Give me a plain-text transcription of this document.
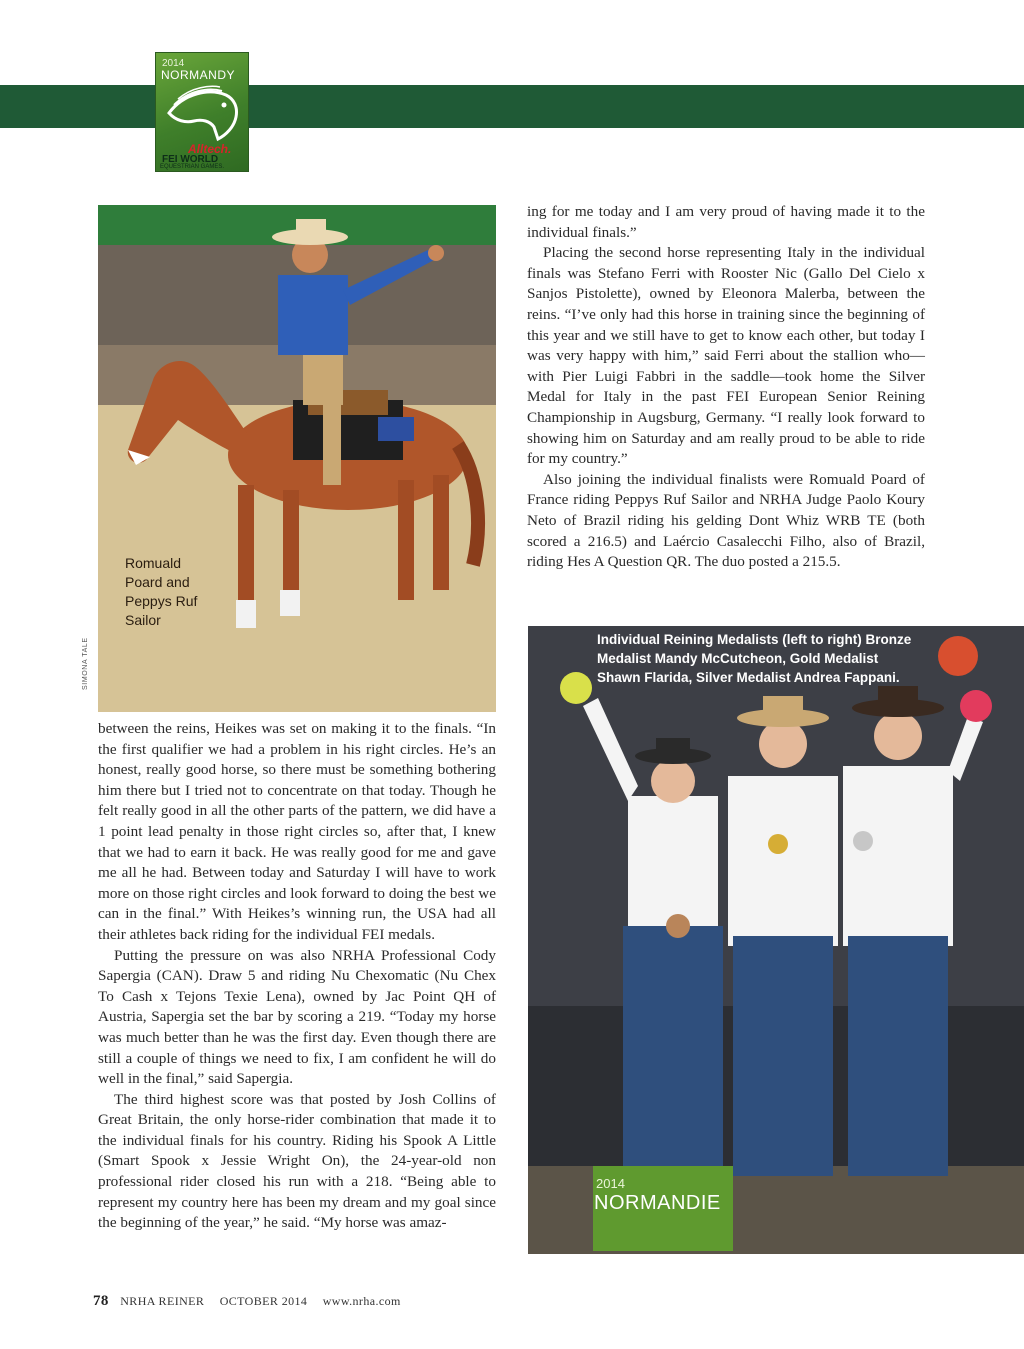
2014
NORMANDY
Alltech.
FEI WORLD
EQUESTRIAN GAMES.
Romuald Poard and Peppys Ruf Sailor
SIMONA TALE

between the reins, Heikes was set on making it to the finals. “In the first qualifier we had a problem in his right circles. He’s an honest, really good horse, so there must be something bothering him there but I tried not to concentrate on that today. Though he felt really good in all the other parts of the pattern, we did have a 1 point lead penalty in those right circles so, after that, I knew that we had to earn it back. He was really good for me and gave me all he had. Between today and Saturday I will have to work more on those right circles and look forward to doing the best we can in the final.” With Heikes’s winning run, the USA had all their athletes back riding for the individual FEI medals.

Putting the pressure on was also NRHA Professional Cody Sapergia (CAN). Draw 5 and riding Nu Chexomatic (Nu Chex To Cash x Tejons Texie Lena), owned by Jac Point QH of Austria, Sapergia set the bar by scoring a 219. “Today my horse was much better than he was the first day. Even though there are still a couple of things we need to fix, I am confident he will do well in the final,” said Sapergia.

The third highest score was that posted by Josh Collins of Great Britain, the only horse-rider combination that made it to the individual finals for his country. Riding his Spook A Little (Smart Spook x Jessie Wright On), the 24-year-old non professional rider closed his run with a 218. “Being able to represent my country here has been my dream and my goal since the beginning of the year,” he said. “My horse was amaz-

ing for me today and I am very proud of having made it to the individual finals.”

Placing the second horse representing Italy in the individual finals was Stefano Ferri with Rooster Nic (Gallo Del Cielo x Sanjos Pistolette), owned by Eleonora Malerba, between the reins. “I’ve only had this horse in training since the beginning of this year and we still have to get to know each other, but today I was very happy with him,” said Ferri about the stallion who—with Pier Luigi Fabbri in the saddle—took home the Silver Medal for Italy in the past FEI European Senior Reining Championship in Augsburg, Germany. “I really look forward to showing him on Saturday and am really proud to be able to ride for my country.”

Also joining the individual finalists were Romuald Poard of France riding Peppys Ruf Sailor and NRHA Judge Paolo Koury Neto of Brazil riding his gelding Dont Whiz WRB TE (both scored a 216.5) and Laércio Casalecchi Filho, also of Brazil, riding Hes A Question QR. The duo posted a 215.5.

2014
NORMANDIE
Individual Reining Medalists (left to right) Bronze Medalist Mandy McCutcheon, Gold Medalist Shawn Flarida, Silver Medalist Andrea Fappani.
78 NRHA REINER OCTOBER 2014 www.nrha.com
